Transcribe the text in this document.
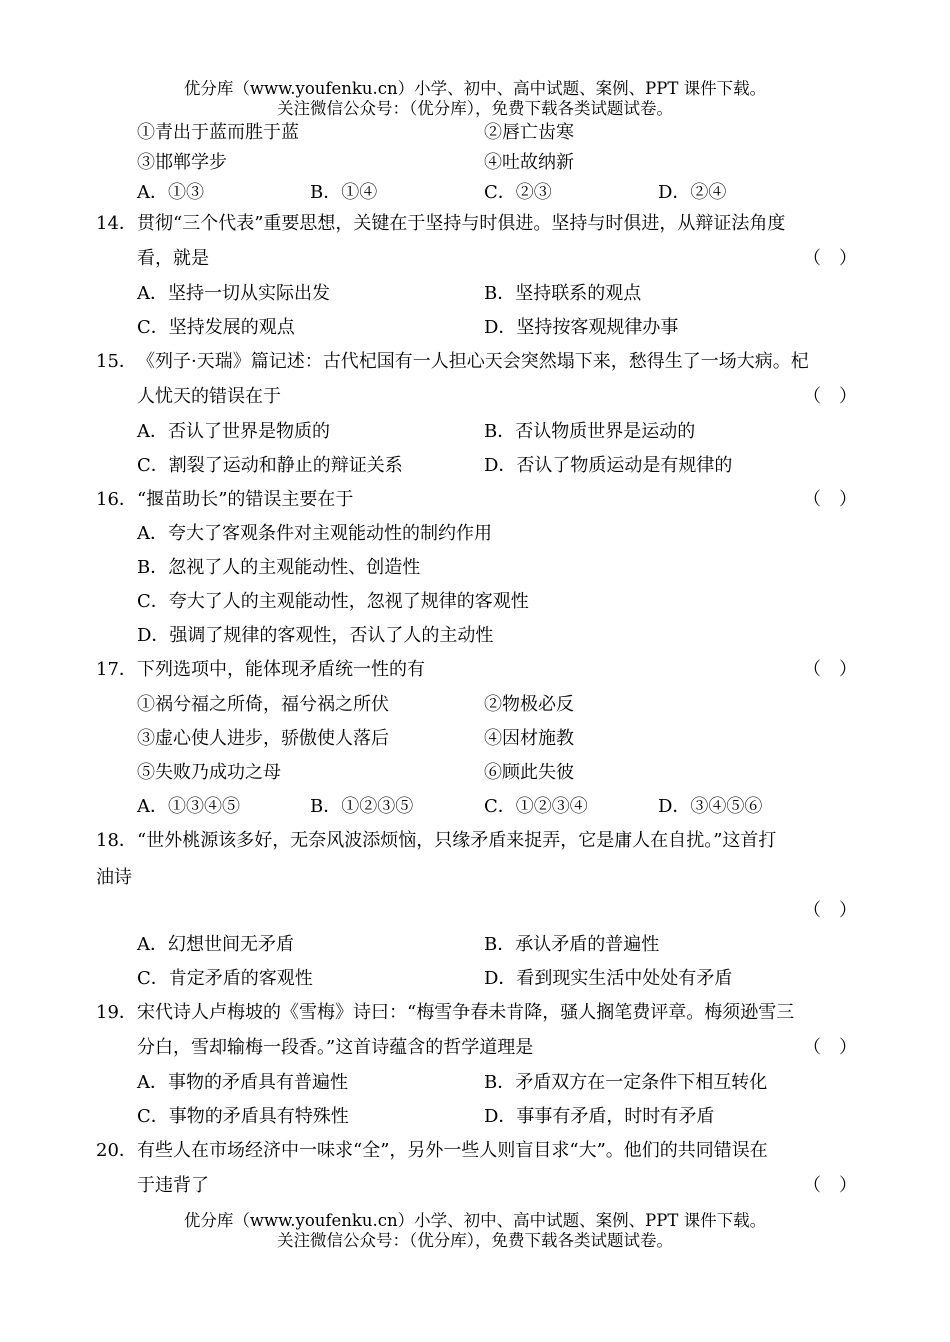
优分库（www.youfenku.cn）小学、初中、高中试题、案例、PPT 课件下载。
关注微信公众号：（优分库），免费下载各类试题试卷。
①青出于蓝而胜于蓝	②唇亡齿寒
③邯郸学步	④吐故纳新
A．①③	B．①④	C．②③	D．②④
14． 贯彻“三个代表”重要思想，关键在于坚持与时俱进。坚持与时俱进，从辩证法角度
看，就是	（　）
A．坚持一切从实际出发	B．坚持联系的观点
C．坚持发展的观点	D．坚持按客观规律办事
15． 《列子·天瑞》篇记述：古代杞国有一人担心天会突然塌下来，愁得生了一场大病。杞
人忧天的错误在于	（　）
A．否认了世界是物质的	B．否认物质世界是运动的
C．割裂了运动和静止的辩证关系	D．否认了物质运动是有规律的
16． “揠苗助长”的错误主要在于	（　）
A．夸大了客观条件对主观能动性的制约作用
B．忽视了人的主观能动性、创造性
C．夸大了人的主观能动性，忽视了规律的客观性
D．强调了规律的客观性，否认了人的主动性
17． 下列选项中，能体现矛盾统一性的有	（　）
①祸兮福之所倚，福兮祸之所伏	②物极必反
③虚心使人进步，骄傲使人落后	④因材施教
⑤失败乃成功之母	⑥顾此失彼
A．①③④⑤	B．①②③⑤	C．①②③④	D．③④⑤⑥
18． “世外桃源该多好，无奈风波添烦恼，只缘矛盾来捉弄，它是庸人在自扰。”这首打
油诗
（　）
A．幻想世间无矛盾	B．承认矛盾的普遍性
C．肯定矛盾的客观性	D．看到现实生活中处处有矛盾
19． 宋代诗人卢梅坡的《雪梅》诗曰：“梅雪争春未肯降，骚人搁笔费评章。梅须逊雪三
分白，雪却输梅一段香。”这首诗蕴含的哲学道理是	（　）
A．事物的矛盾具有普遍性	B．矛盾双方在一定条件下相互转化
C．事物的矛盾具有特殊性	D．事事有矛盾，时时有矛盾
20． 有些人在市场经济中一味求“全”，另外一些人则盲目求“大”。他们的共同错误在
于违背了	（　）
优分库（www.youfenku.cn）小学、初中、高中试题、案例、PPT 课件下载。
关注微信公众号：（优分库），免费下载各类试题试卷。
